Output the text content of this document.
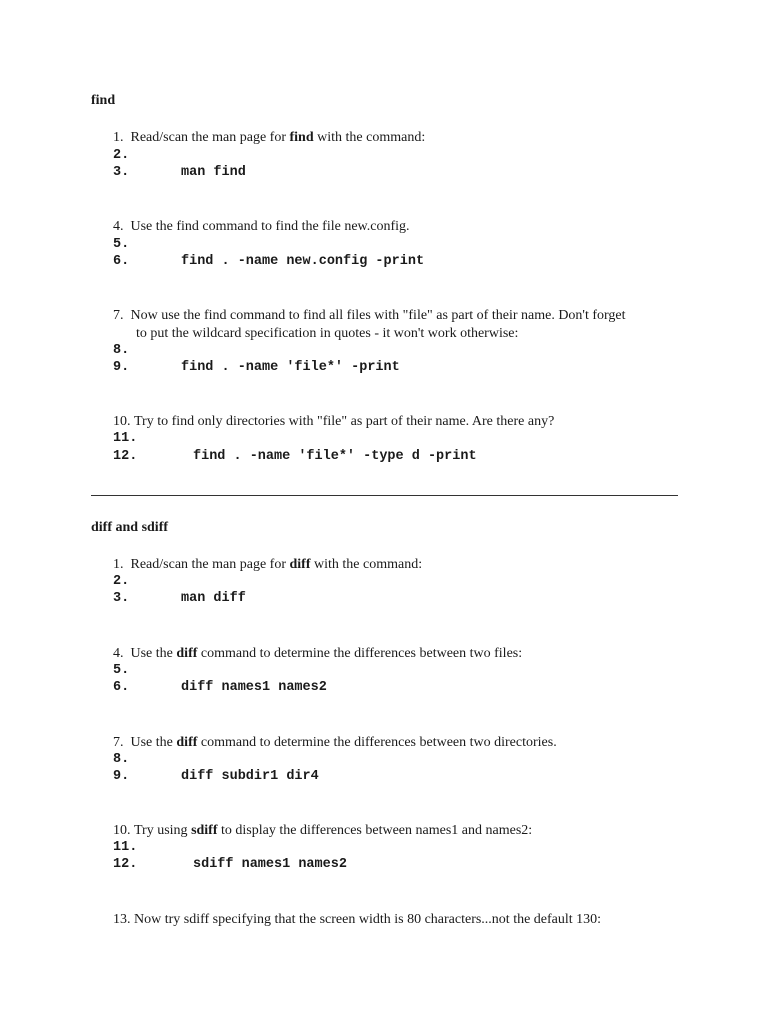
find
1. Read/scan the man page for find with the command:
2.
3.	man find
4. Use the find command to find the file new.config.
5.
6.	find . -name new.config -print
7. Now use the find command to find all files with "file" as part of their name. Don't forget
to put the wildcard specification in quotes - it won't work otherwise:
8.
9.	find . -name 'file*' -print
10. Try to find only directories with "file" as part of their name. Are there any?
11.
12.	find . -name 'file*' -type d -print
diff and sdiff
1. Read/scan the man page for diff with the command:
2.
3.	man diff
4. Use the diff command to determine the differences between two files:
5.
6.	diff names1 names2
7. Use the diff command to determine the differences between two directories.
8.
9.	diff subdir1 dir4
10. Try using sdiff to display the differences between names1 and names2:
11.
12.	sdiff names1 names2
13. Now try sdiff specifying that the screen width is 80 characters...not the default 130:
